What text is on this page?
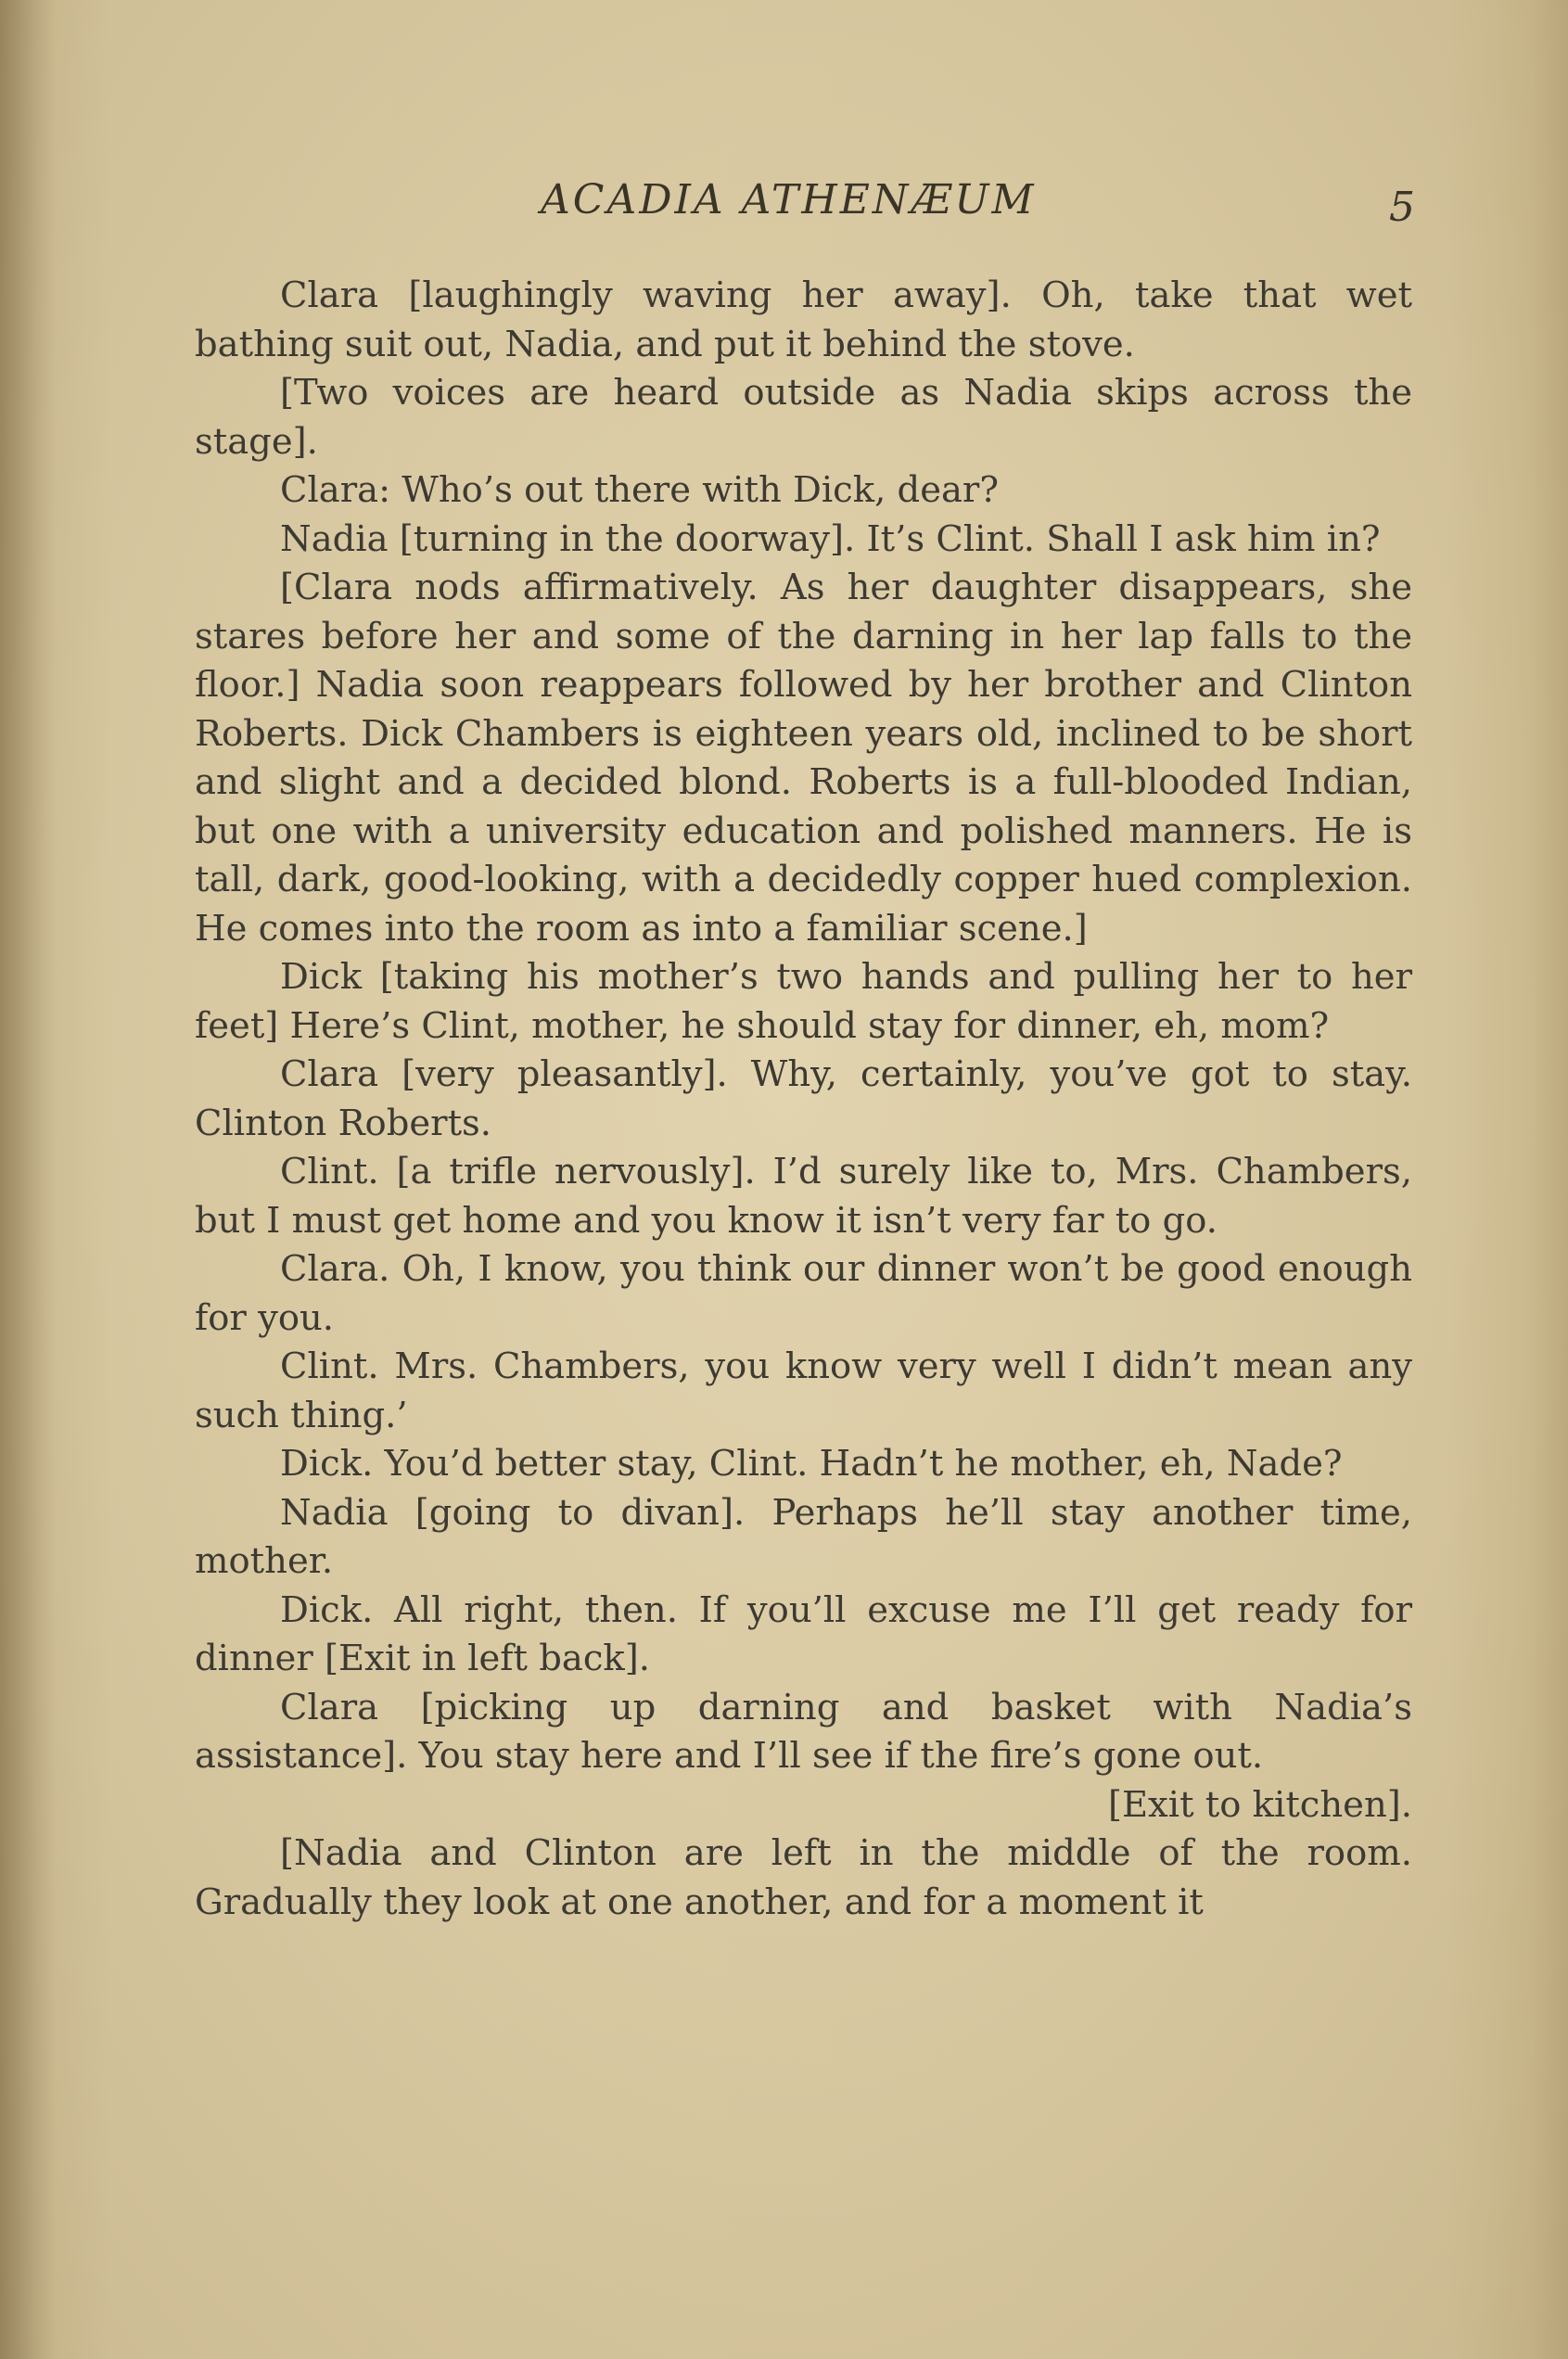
ACADIA ATHENÆUM	5

Clara [laughingly waving her away]. Oh, take that wet bathing suit out, Nadia, and put it behind the stove.

[Two voices are heard outside as Nadia skips across the stage].

Clara: Who’s out there with Dick, dear?

Nadia [turning in the doorway]. It’s Clint. Shall I ask him in?

[Clara nods affirmatively. As her daughter disappears, she stares before her and some of the darning in her lap falls to the floor.] Nadia soon reappears followed by her brother and Clinton Roberts. Dick Chambers is eighteen years old, inclined to be short and slight and a decided blond. Roberts is a full-blooded Indian, but one with a university education and polished manners. He is tall, dark, good-looking, with a decidedly copper hued complexion. He comes into the room as into a familiar scene.]

Dick [taking his mother’s two hands and pulling her to her feet] Here’s Clint, mother, he should stay for dinner, eh, mom?

Clara [very pleasantly]. Why, certainly, you’ve got to stay. Clinton Roberts.

Clint. [a trifle nervously]. I’d surely like to, Mrs. Chambers, but I must get home and you know it isn’t very far to go.

Clara. Oh, I know, you think our dinner won’t be good enough for you.

Clint. Mrs. Chambers, you know very well I didn’t mean any such thing.’

Dick. You’d better stay, Clint. Hadn’t he mother, eh, Nade?

Nadia [going to divan]. Perhaps he’ll stay another time, mother.

Dick. All right, then. If you’ll excuse me I’ll get ready for dinner [Exit in left back].

Clara [picking up darning and basket with Nadia’s assistance]. You stay here and I’ll see if the fire’s gone out.

[Exit to kitchen].

[Nadia and Clinton are left in the middle of the room. Gradually they look at one another, and for a moment it
